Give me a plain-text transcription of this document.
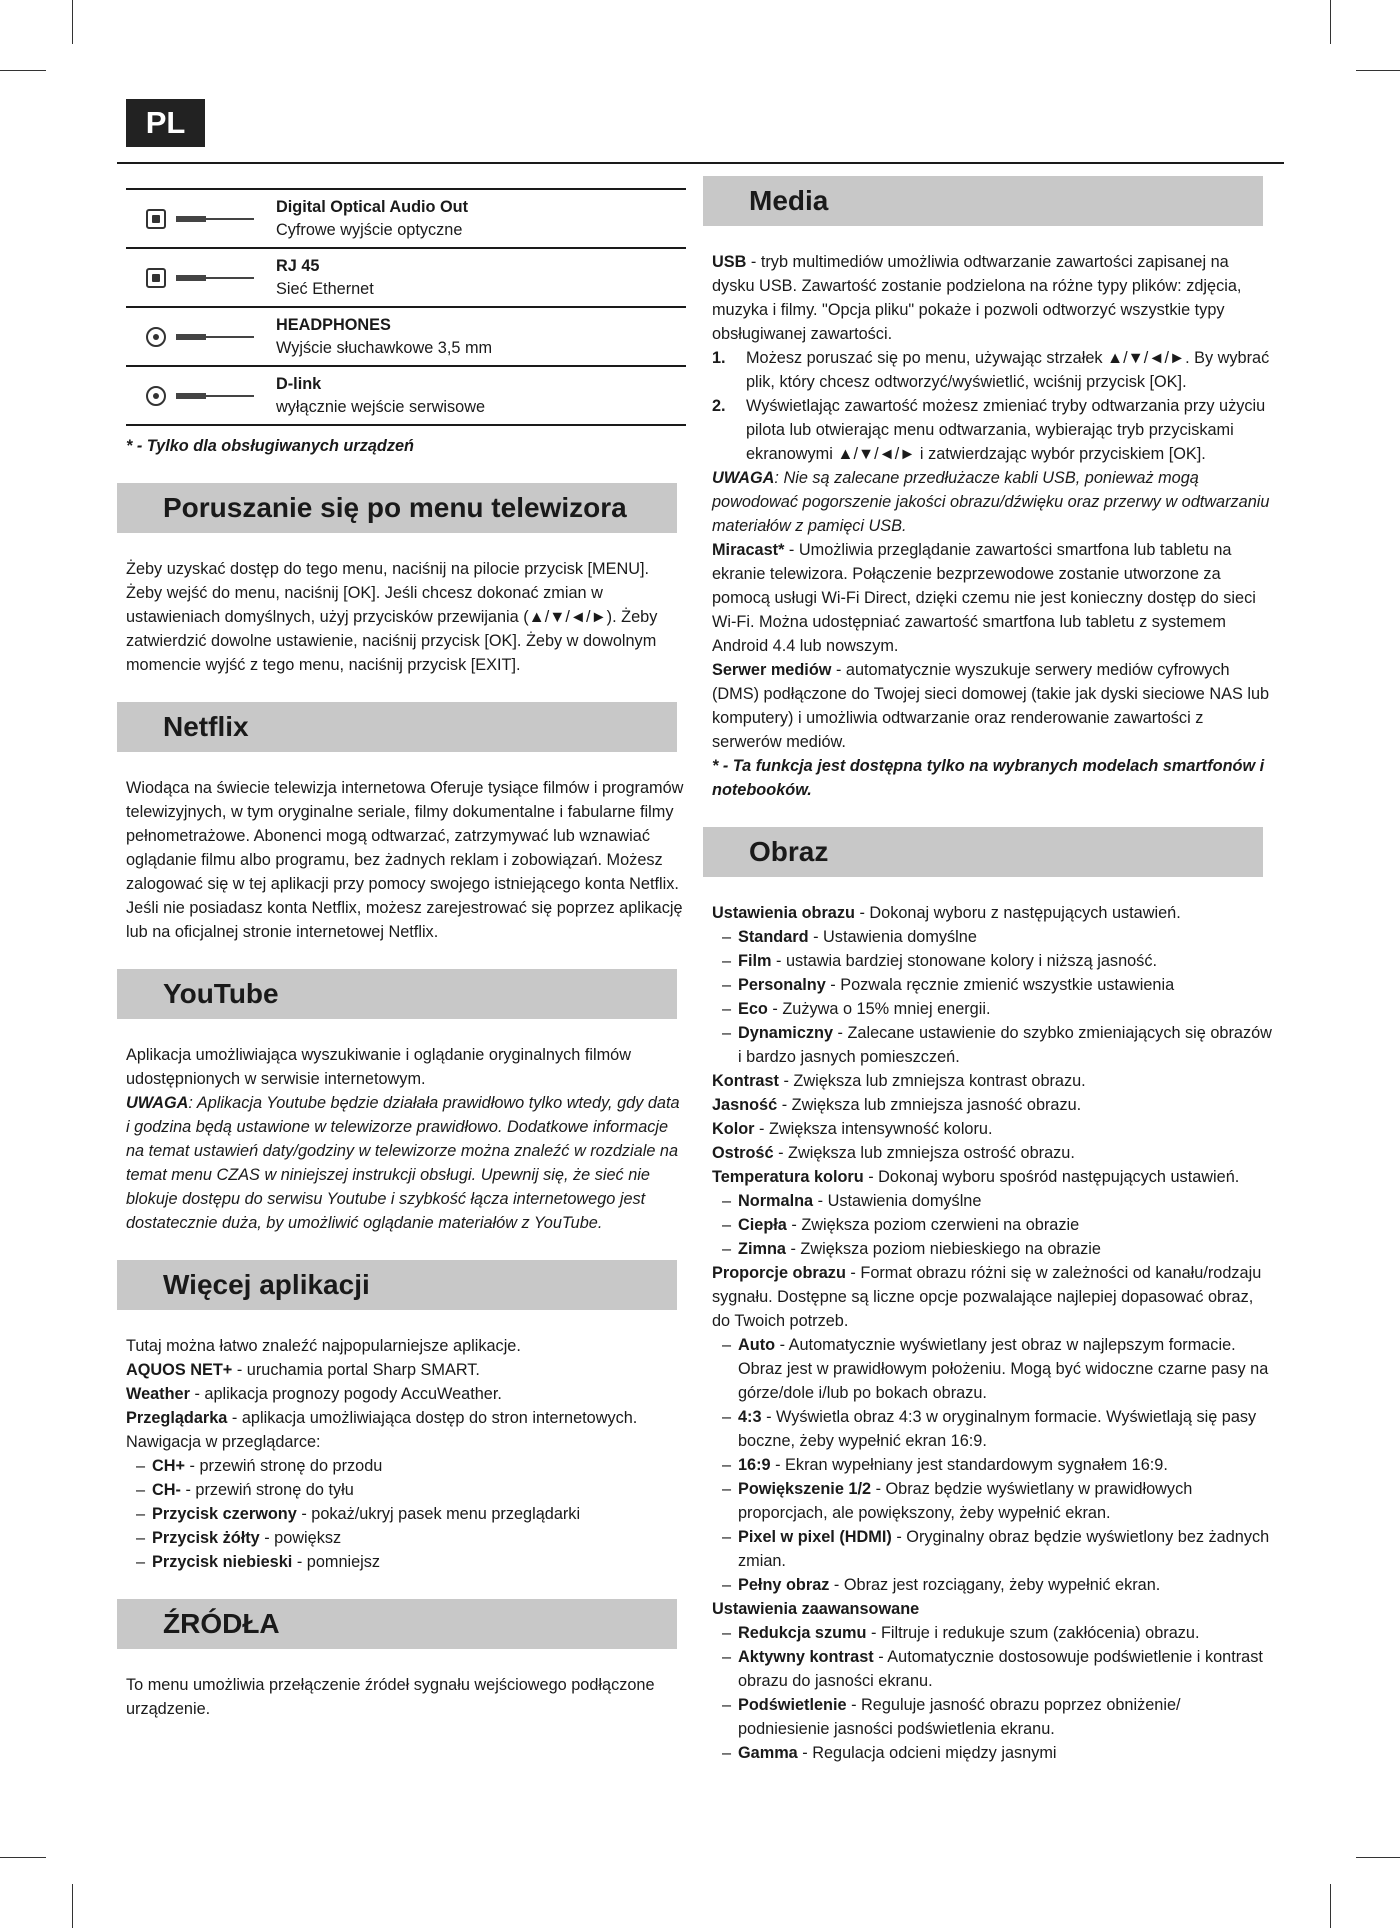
PL
Digital Optical Audio Out
Cyfrowe wyjście optyczne
RJ 45
Sieć Ethernet
HEADPHONES
Wyjście słuchawkowe 3,5 mm
D-link
wyłącznie wejście serwisowe

* - Tylko dla obsługiwanych urządzeń

Poruszanie się po menu telewizora

Żeby uzyskać dostęp do tego menu, naciśnij na pilocie przycisk [MENU]. Żeby wejść do menu, naciśnij [OK]. Jeśli chcesz dokonać zmian w ustawieniach domyślnych, użyj przycisków przewijania (▲/▼/◄/►). Żeby zatwierdzić dowolne ustawienie, naciśnij przycisk [OK]. Żeby w dowolnym momencie wyjść z tego menu, naciśnij przycisk [EXIT].

Netflix

Wiodąca na świecie telewizja internetowa Oferuje tysiące filmów i programów telewizyjnych, w tym oryginalne seriale, filmy dokumentalne i fabularne filmy pełnometrażowe. Abonenci mogą odtwarzać, zatrzymywać lub wznawiać oglądanie filmu albo programu, bez żadnych reklam i zobowiązań. Możesz zalogować się w tej aplikacji przy pomocy swojego istniejącego konta Netflix. Jeśli nie posiadasz konta Netflix, możesz zarejestrować się poprzez aplikację lub na oficjalnej stronie internetowej Netflix.

YouTube

Aplikacja umożliwiająca wyszukiwanie i oglądanie oryginalnych filmów udostępnionych w serwisie internetowym.

UWAGA: Aplikacja Youtube będzie działała prawidłowo tylko wtedy, gdy data i godzina będą ustawione w telewizorze prawidłowo. Dodatkowe informacje na temat ustawień daty/godziny w telewizorze można znaleźć w rozdziale na temat menu CZAS w niniejszej instrukcji obsługi. Upewnij się, że sieć nie blokuje dostępu do serwisu Youtube i szybkość łącza internetowego jest dostatecznie duża, by umożliwić oglądanie materiałów z YouTube.

Więcej aplikacji

Tutaj można łatwo znaleźć najpopularniejsze aplikacje.

AQUOS NET+ - uruchamia portal Sharp SMART.

Weather - aplikacja prognozy pogody AccuWeather.

Przeglądarka - aplikacja umożliwiająca dostęp do stron internetowych. Nawigacja w przeglądarce:

– CH+ - przewiń stronę do przodu
– CH- - przewiń stronę do tyłu
– Przycisk czerwony - pokaż/ukryj pasek menu przeglądarki
– Przycisk żółty - powiększ
– Przycisk niebieski - pomniejsz
ŹRÓDŁA

To menu umożliwia przełączenie źródeł sygnału wejściowego podłączone urządzenie.

Media

USB - tryb multimediów umożliwia odtwarzanie zawartości zapisanej na dysku USB. Zawartość zostanie podzielona na różne typy plików: zdjęcia, muzyka i filmy. "Opcja pliku" pokaże i pozwoli odtworzyć wszystkie typy obsługiwanej zawartości.

1.	Możesz poruszać się po menu, używając strzałek ▲/▼/◄/►. By wybrać plik, który chcesz odtworzyć/wyświetlić, wciśnij przycisk [OK].
2.	Wyświetlając zawartość możesz zmieniać tryby odtwarzania przy użyciu pilota lub otwierając menu odtwarzania, wybierając tryb przyciskami ekranowymi ▲/▼/◄/► i zatwierdzając wybór przyciskiem [OK].

UWAGA: Nie są zalecane przedłużacze kabli USB, ponieważ mogą powodować pogorszenie jakości obrazu/dźwięku oraz przerwy w odtwarzaniu materiałów z pamięci USB.

Miracast* - Umożliwia przeglądanie zawartości smartfona lub tabletu na ekranie telewizora. Połączenie bezprzewodowe zostanie utworzone za pomocą usługi Wi-Fi Direct, dzięki czemu nie jest konieczny dostęp do sieci Wi-Fi. Można udostępniać zawartość smartfona lub tabletu z systemem Android 4.4 lub nowszym.

Serwer mediów - automatycznie wyszukuje serwery mediów cyfrowych (DMS) podłączone do Twojej sieci domowej (takie jak dyski sieciowe NAS lub komputery) i umożliwia odtwarzanie oraz renderowanie zawartości z serwerów mediów.

* - Ta funkcja jest dostępna tylko na wybranych modelach smartfonów i notebooków.

Obraz

Ustawienia obrazu - Dokonaj wyboru z następujących ustawień.

– Standard - Ustawienia domyślne
– Film - ustawia bardziej stonowane kolory i niższą jasność.
– Personalny - Pozwala ręcznie zmienić wszystkie ustawienia
– Eco - Zużywa o 15% mniej energii.
– Dynamiczny - Zalecane ustawienie do szybko zmieniających się obrazów i bardzo jasnych pomieszczeń.

Kontrast - Zwiększa lub zmniejsza kontrast obrazu.

Jasność - Zwiększa lub zmniejsza jasność obrazu.

Kolor - Zwiększa intensywność koloru.

Ostrość - Zwiększa lub zmniejsza ostrość obrazu.

Temperatura koloru - Dokonaj wyboru spośród następujących ustawień.

– Normalna - Ustawienia domyślne
– Ciepła - Zwiększa poziom czerwieni na obrazie
– Zimna - Zwiększa poziom niebieskiego na obrazie

Proporcje obrazu - Format obrazu różni się w zależności od kanału/rodzaju sygnału. Dostępne są liczne opcje pozwalające najlepiej dopasować obraz, do Twoich potrzeb.

– Auto - Automatycznie wyświetlany jest obraz w najlepszym formacie. Obraz jest w prawidłowym położeniu. Mogą być widoczne czarne pasy na górze/dole i/lub po bokach obrazu.
– 4:3 - Wyświetla obraz 4:3 w oryginalnym formacie. Wyświetlają się pasy boczne, żeby wypełnić ekran 16:9.
– 16:9 - Ekran wypełniany jest standardowym sygnałem 16:9.
– Powiększenie 1/2 - Obraz będzie wyświetlany w prawidłowych proporcjach, ale powiększony, żeby wypełnić ekran.
– Pixel w pixel (HDMI) - Oryginalny obraz będzie wyświetlony bez żadnych zmian.
– Pełny obraz - Obraz jest rozciągany, żeby wypełnić ekran.

Ustawienia zaawansowane

– Redukcja szumu - Filtruje i redukuje szum (zakłócenia) obrazu.
– Aktywny kontrast - Automatycznie dostosowuje podświetlenie i kontrast obrazu do jasności ekranu.
– Podświetlenie - Reguluje jasność obrazu poprzez obniżenie/ podniesienie jasności podświetlenia ekranu.
– Gamma - Regulacja odcieni między jasnymi
